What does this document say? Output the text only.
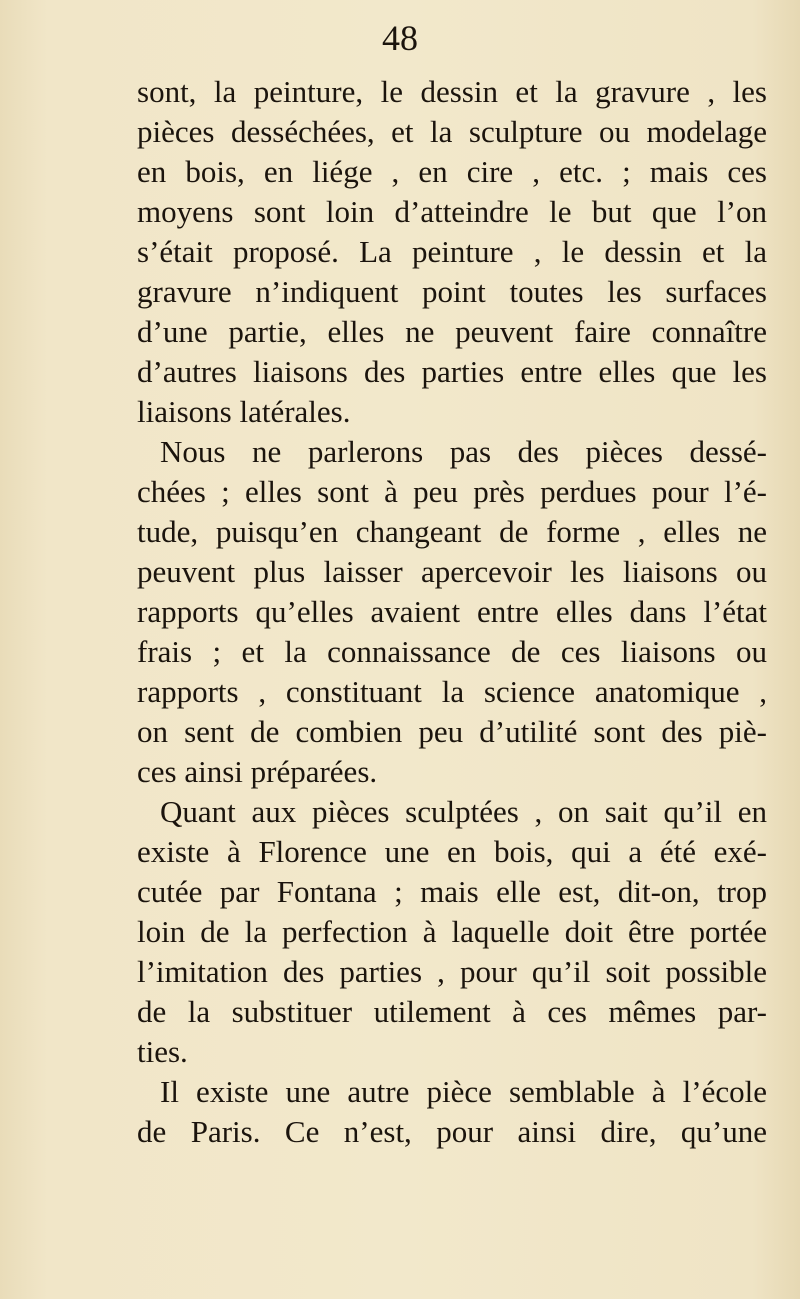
48
sont, la peinture, le dessin et la gravure , les
pièces desséchées, et la sculpture ou modelage
en bois, en liége , en cire , etc. ; mais ces
moyens sont loin d’atteindre le but que l’on
s’était proposé. La peinture , le dessin et la
gravure n’indiquent point toutes les surfaces
d’une partie, elles ne peuvent faire connaître
d’autres liaisons des parties entre elles que les
liaisons latérales.
Nous ne parlerons pas des pièces dessé-
chées ; elles sont à peu près perdues pour l’é-
tude, puisqu’en changeant de forme , elles ne
peuvent plus laisser apercevoir les liaisons ou
rapports qu’elles avaient entre elles dans l’état
frais ; et la connaissance de ces liaisons ou
rapports , constituant la science anatomique ,
on sent de combien peu d’utilité sont des piè-
ces ainsi préparées.
Quant aux pièces sculptées , on sait qu’il en
existe à Florence une en bois, qui a été exé-
cutée par Fontana ; mais elle est, dit-on, trop
loin de la perfection à laquelle doit être portée
l’imitation des parties , pour qu’il soit possible
de la substituer utilement à ces mêmes par-
ties.
Il existe une autre pièce semblable à l’école
de Paris. Ce n’est, pour ainsi dire, qu’une
